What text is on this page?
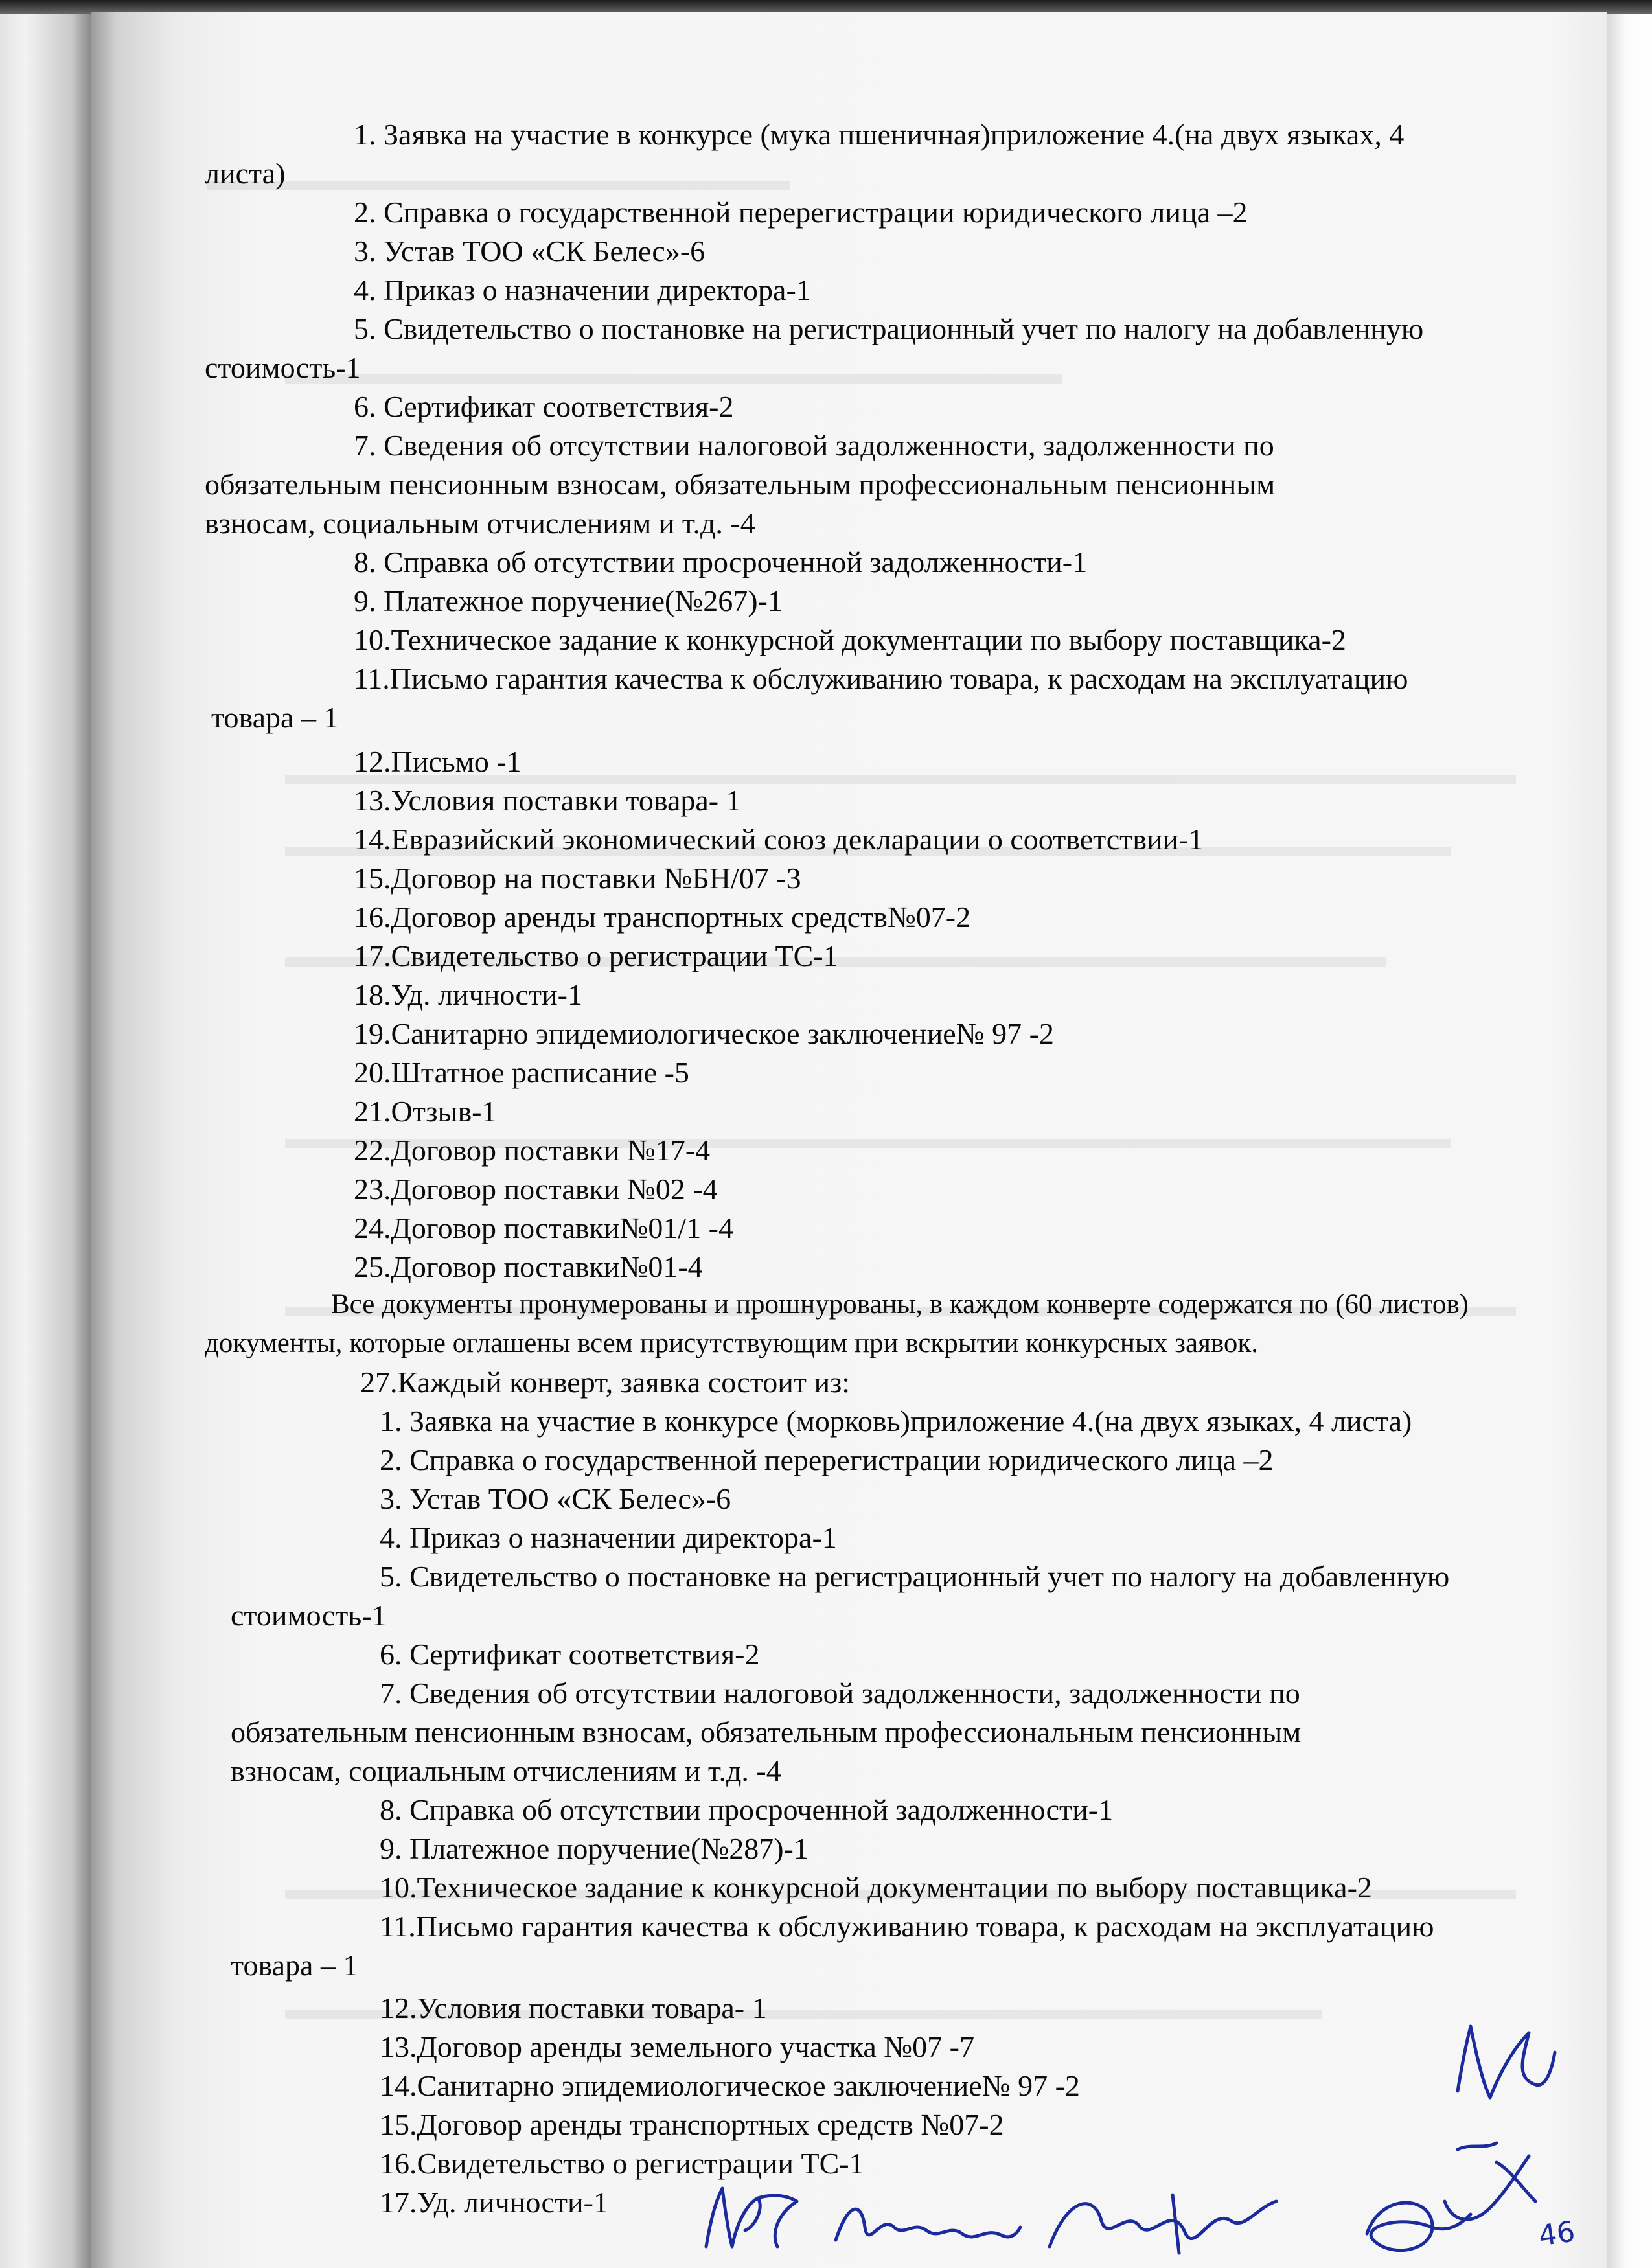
1. Заявка на участие в конкурсе (мука пшеничная)приложение 4.(на двух языках, 4
листа)
2. Справка о государственной перерегистрации юридического лица –2
3. Устав ТОО «СК Белес»-6
4. Приказ о назначении директора-1
5. Свидетельство о постановке на регистрационный учет по налогу на добавленную
стоимость-1
6. Сертификат соответствия-2
7. Сведения об отсутствии налоговой задолженности, задолженности по
обязательным пенсионным взносам, обязательным профессиональным пенсионным
взносам, социальным отчислениям и т.д. -4
8. Справка об отсутствии просроченной задолженности-1
9. Платежное поручение(№267)-1
10.Техническое задание к конкурсной документации по выбору поставщика-2
11.Письмо гарантия качества к обслуживанию товара, к расходам на эксплуатацию
товара – 1
12.Письмо -1
13.Условия поставки товара- 1
14.Евразийский экономический союз декларации о соответствии-1
15.Договор на поставки №БН/07 -3
16.Договор аренды транспортных средств№07-2
17.Свидетельство о регистрации ТС-1
18.Уд. личности-1
19.Санитарно эпидемиологическое заключение№ 97 -2
20.Штатное расписание -5
21.Отзыв-1
22.Договор поставки №17-4
23.Договор поставки №02 -4
24.Договор поставки№01/1 -4
25.Договор поставки№01-4
Все документы пронумерованы и прошнурованы, в каждом конверте содержатся по (60 листов)
документы, которые оглашены всем присутствующим при вскрытии конкурсных заявок.
27.Каждый конверт, заявка состоит из:
1. Заявка на участие в конкурсе (морковь)приложение 4.(на двух языках, 4 листа)
2. Справка о государственной перерегистрации юридического лица –2
3. Устав ТОО «СК Белес»-6
4. Приказ о назначении директора-1
5. Свидетельство о постановке на регистрационный учет по налогу на добавленную
стоимость-1
6. Сертификат соответствия-2
7. Сведения об отсутствии налоговой задолженности, задолженности по
обязательным пенсионным взносам, обязательным профессиональным пенсионным
взносам, социальным отчислениям и т.д. -4
8. Справка об отсутствии просроченной задолженности-1
9. Платежное поручение(№287)-1
10.Техническое задание к конкурсной документации по выбору поставщика-2
11.Письмо гарантия качества к обслуживанию товара, к расходам на эксплуатацию
товара – 1
12.Условия поставки товара- 1
13.Договор аренды земельного участка №07 -7
14.Санитарно эпидемиологическое заключение№ 97 -2
15.Договор аренды транспортных средств №07-2
16.Свидетельство о регистрации ТС-1
17.Уд. личности-1
46
